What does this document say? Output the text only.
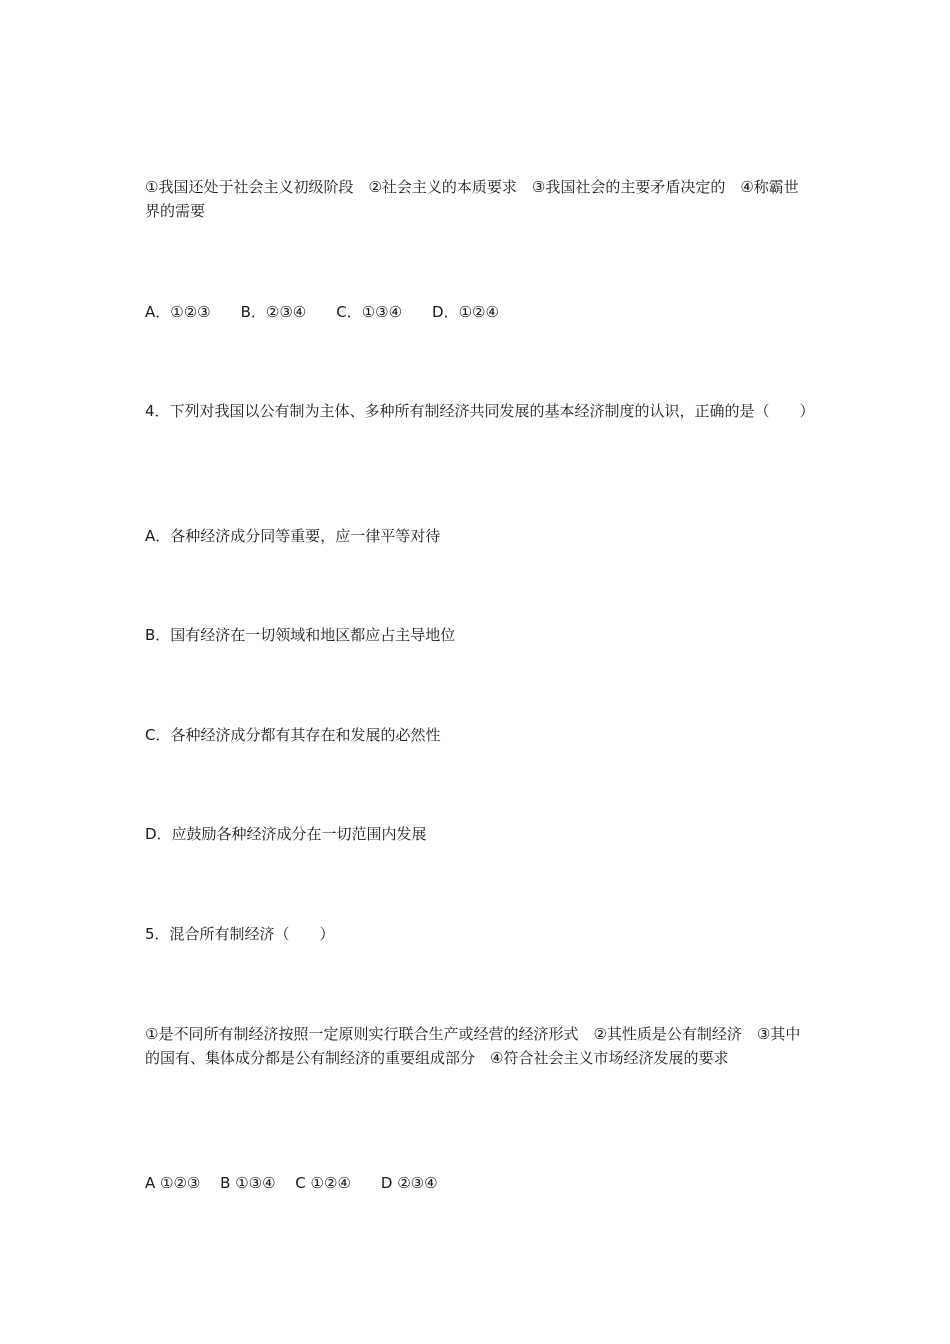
①我国还处于社会主义初级阶段　②社会主义的本质要求　③我国社会的主要矛盾决定的　④称霸世界的需要

A．①②③　　B．②③④　　C．①③④　　D．①②④

4．下列对我国以公有制为主体、多种所有制经济共同发展的基本经济制度的认识，正确的是（　　）

A．各种经济成分同等重要，应一律平等对待

B．国有经济在一切领域和地区都应占主导地位

C．各种经济成分都有其存在和发展的必然性

D．应鼓励各种经济成分在一切范围内发展

5．混合所有制经济（　　）

①是不同所有制经济按照一定原则实行联合生产或经营的经济形式　②其性质是公有制经济　③其中的国有、集体成分都是公有制经济的重要组成部分　④符合社会主义市场经济发展的要求

A ①②③　 B ①③④　 C ①②④　　D ②③④
